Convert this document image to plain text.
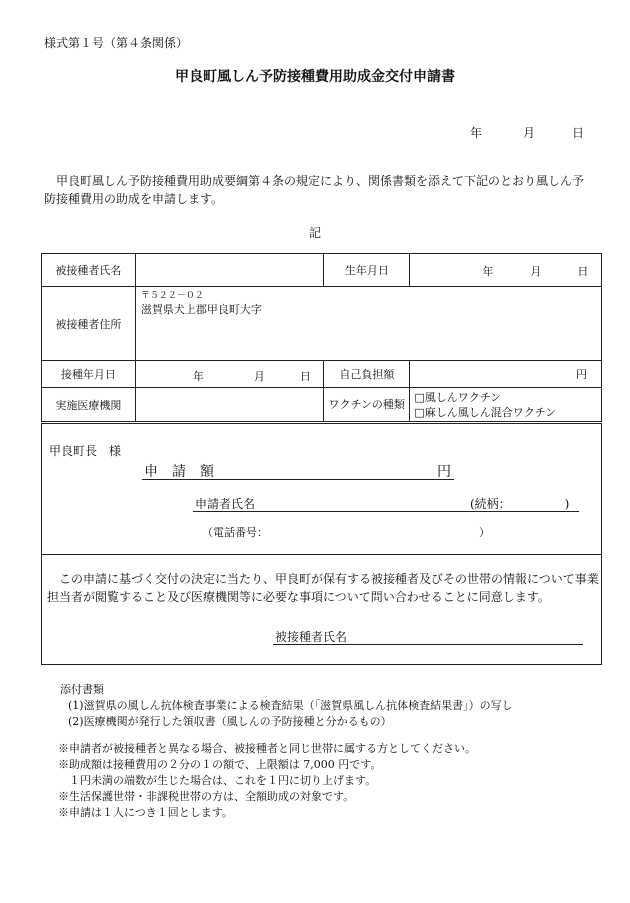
様式第１号（第４条関係）
甲良町風しん予防接種費用助成金交付申請書
年	月	日
甲良町風しん予防接種費用助成要綱第４条の規定により、関係書類を添えて下記のとおり風しん予防接種費用の助成を申請します。
記
被接種者氏名		生年月日	年 月 日

被接種者住所	〒５２２－０２
滋賀県犬上郡甲良町大字		

接種年月日	年 月 日	自己負担額	円
実施医療機関		ワクチンの種類	□風しんワクチン
□麻しん風しん混合ワクチン
甲良町長　様
申　請　額	円
申請者氏名	(続柄：　　　　　)
（電話番号：	）
この申請に基づく交付の決定に当たり、甲良町が保有する被接種者及びその世帯の情報について事業担当者が閲覧すること及び医療機関等に必要な事項について問い合わせることに同意します。
被接種者氏名
添付書類
(1)滋賀県の風しん抗体検査事業による検査結果（「滋賀県風しん抗体検査結果書」）の写し
(2)医療機関が発行した領収書（風しんの予防接種と分かるもの）
※申請者が被接種者と異なる場合、被接種者と同じ世帯に属する方としてください。
※助成額は接種費用の２分の１の額で、上限額は 7,000 円です。
　１円未満の端数が生じた場合は、これを１円に切り上げます。
※生活保護世帯・非課税世帯の方は、全額助成の対象です。
※申請は１人につき１回とします。
